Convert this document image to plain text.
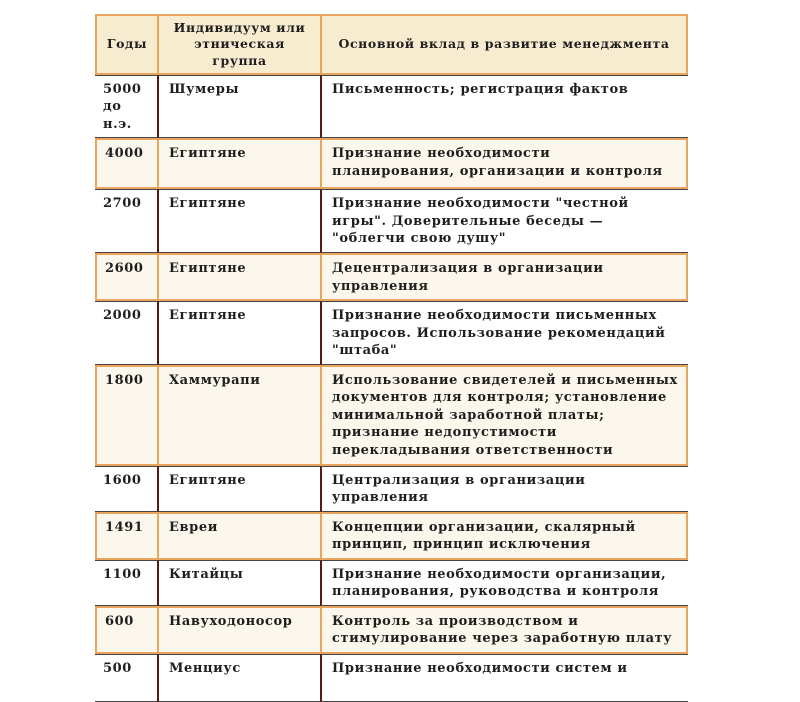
Годы	Индивидуум или этническая группа	Основной вклад в развитие менеджмента
5000 до н.э.	Шумеры	Письменность; регистрация фактов
4000	Египтяне	Признание необходимости планирования, организации и контроля
2700	Египтяне	Признание необходимости "честной игры". Доверительные беседы — "облегчи свою душу"
2600	Египтяне	Децентрализация в организации управления
2000	Египтяне	Признание необходимости письменных запросов. Использование рекомендаций "штаба"
1800	Хаммурапи	Использование свидетелей и письменных документов для контроля; установление минимальной заработной платы; признание недопустимости перекладывания ответственности
1600	Египтяне	Централизация в организации управления
1491	Евреи	Концепции организации, скалярный принцип, принцип исключения
1100	Китайцы	Признание необходимости организации, планирования, руководства и контроля
600	Навуходоносор	Контроль за производством и стимулирование через заработную плату
500	Менциус	Признание необходимости систем и
